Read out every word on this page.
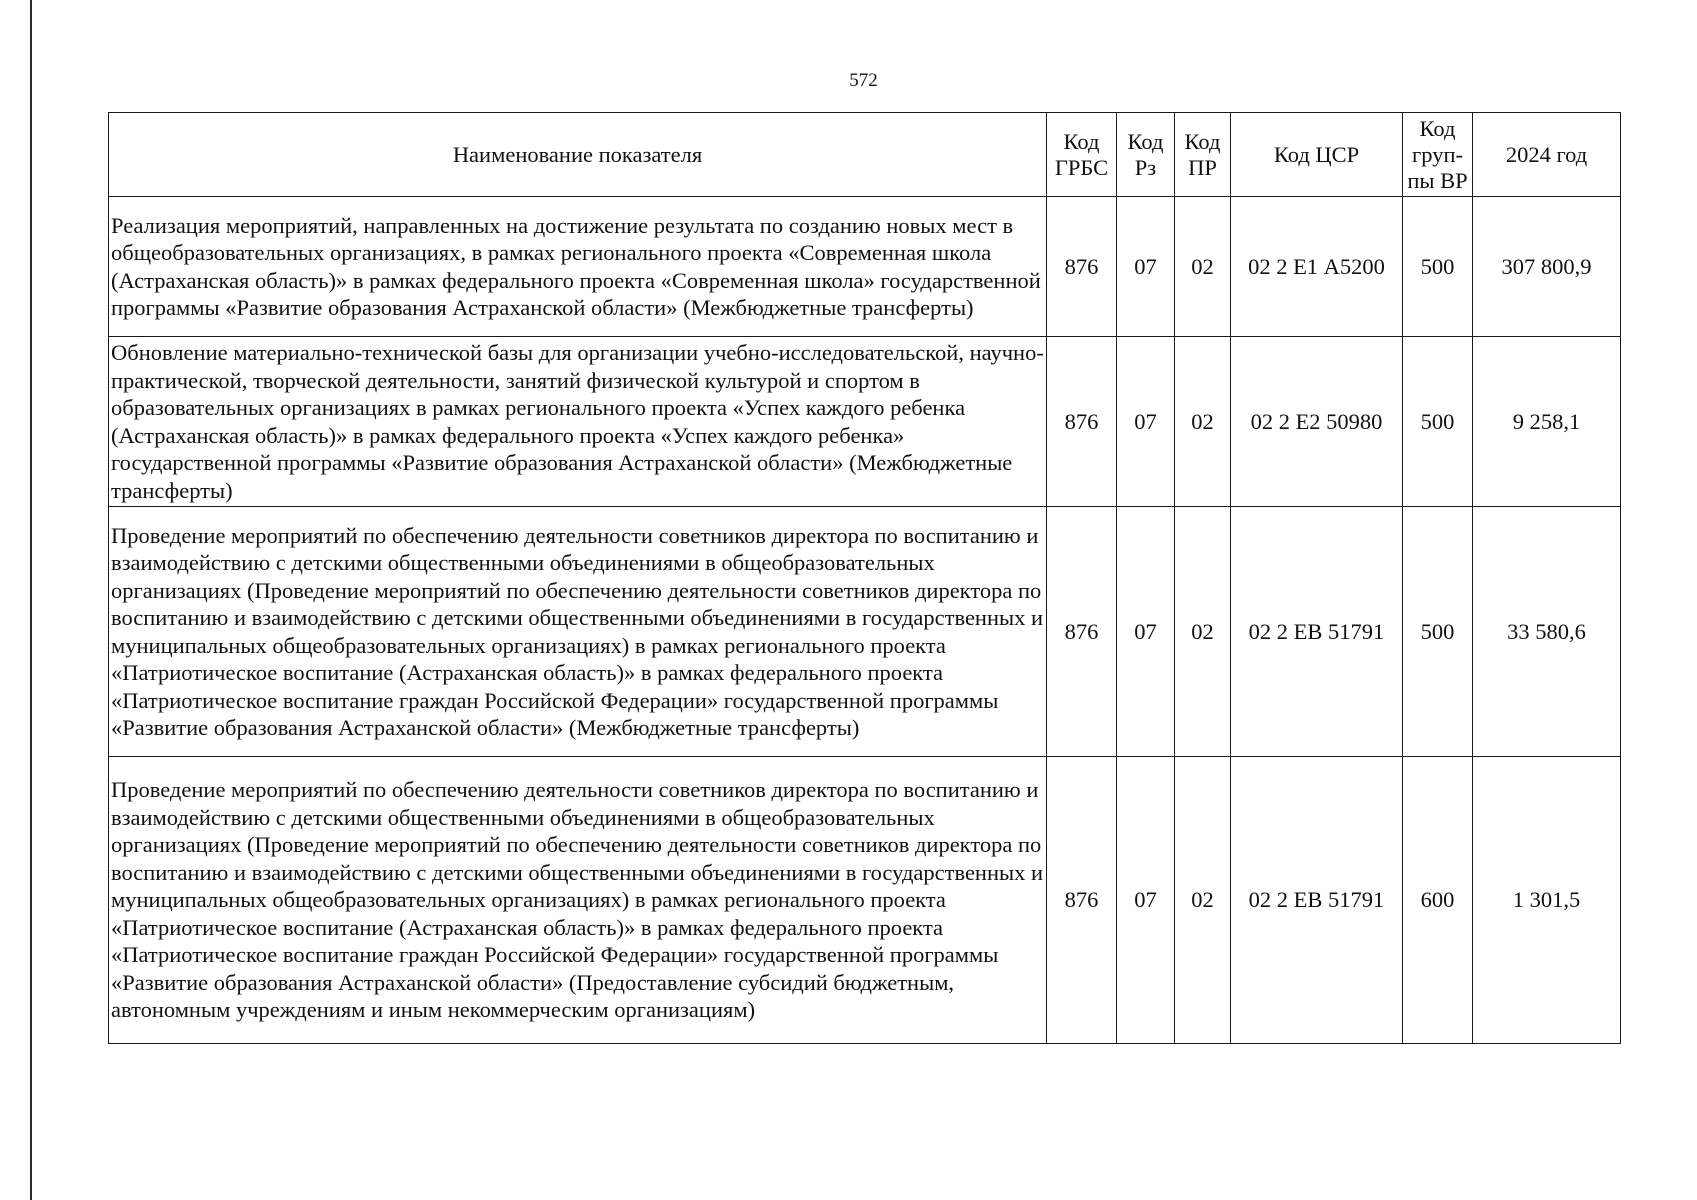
572
Наименование показателя	Код ГРБС	Код Рз	Код ПР	Код ЦСР	Код груп-пы ВР	2024 год
Реализация мероприятий, направленных на достижение результата по созданию новых мест в общеобразовательных организациях, в рамках регионального проекта «Современная школа (Астраханская область)» в рамках федерального проекта «Современная школа» государственной программы «Развитие образования Астраханской области» (Межбюджетные трансферты)	876	07	02	02 2 Е1 А5200	500	307 800,9
Обновление материально-технической базы для организации учебно-исследовательской, научно-практической, творческой деятельности, занятий физической культурой и спортом в образовательных организациях в рамках регионального проекта «Успех каждого ребенка (Астраханская область)» в рамках федерального проекта «Успех каждого ребенка» государственной программы «Развитие образования Астраханской области» (Межбюджетные трансферты)	876	07	02	02 2 Е2 50980	500	9 258,1
Проведение мероприятий по обеспечению деятельности советников директора по воспитанию и взаимодействию с детскими общественными объединениями в общеобразовательных организациях (Проведение мероприятий по обеспечению деятельности советников директора по воспитанию и взаимодействию с детскими общественными объединениями в государственных и муниципальных общеобразовательных организациях) в рамках регионального проекта «Патриотическое воспитание (Астраханская область)» в рамках федерального проекта «Патриотическое воспитание граждан Российской Федерации» государственной программы «Развитие образования Астраханской области» (Межбюджетные трансферты)	876	07	02	02 2 ЕВ 51791	500	33 580,6
Проведение мероприятий по обеспечению деятельности советников директора по воспитанию и взаимодействию с детскими общественными объединениями в общеобразовательных организациях (Проведение мероприятий по обеспечению деятельности советников директора по воспитанию и взаимодействию с детскими общественными объединениями в государственных и муниципальных общеобразовательных организациях) в рамках регионального проекта «Патриотическое воспитание (Астраханская область)» в рамках федерального проекта «Патриотическое воспитание граждан Российской Федерации» государственной программы «Развитие образования Астраханской области» (Предоставление субсидий бюджетным, автономным учреждениям и иным некоммерческим организациям)	876	07	02	02 2 ЕВ 51791	600	1 301,5
